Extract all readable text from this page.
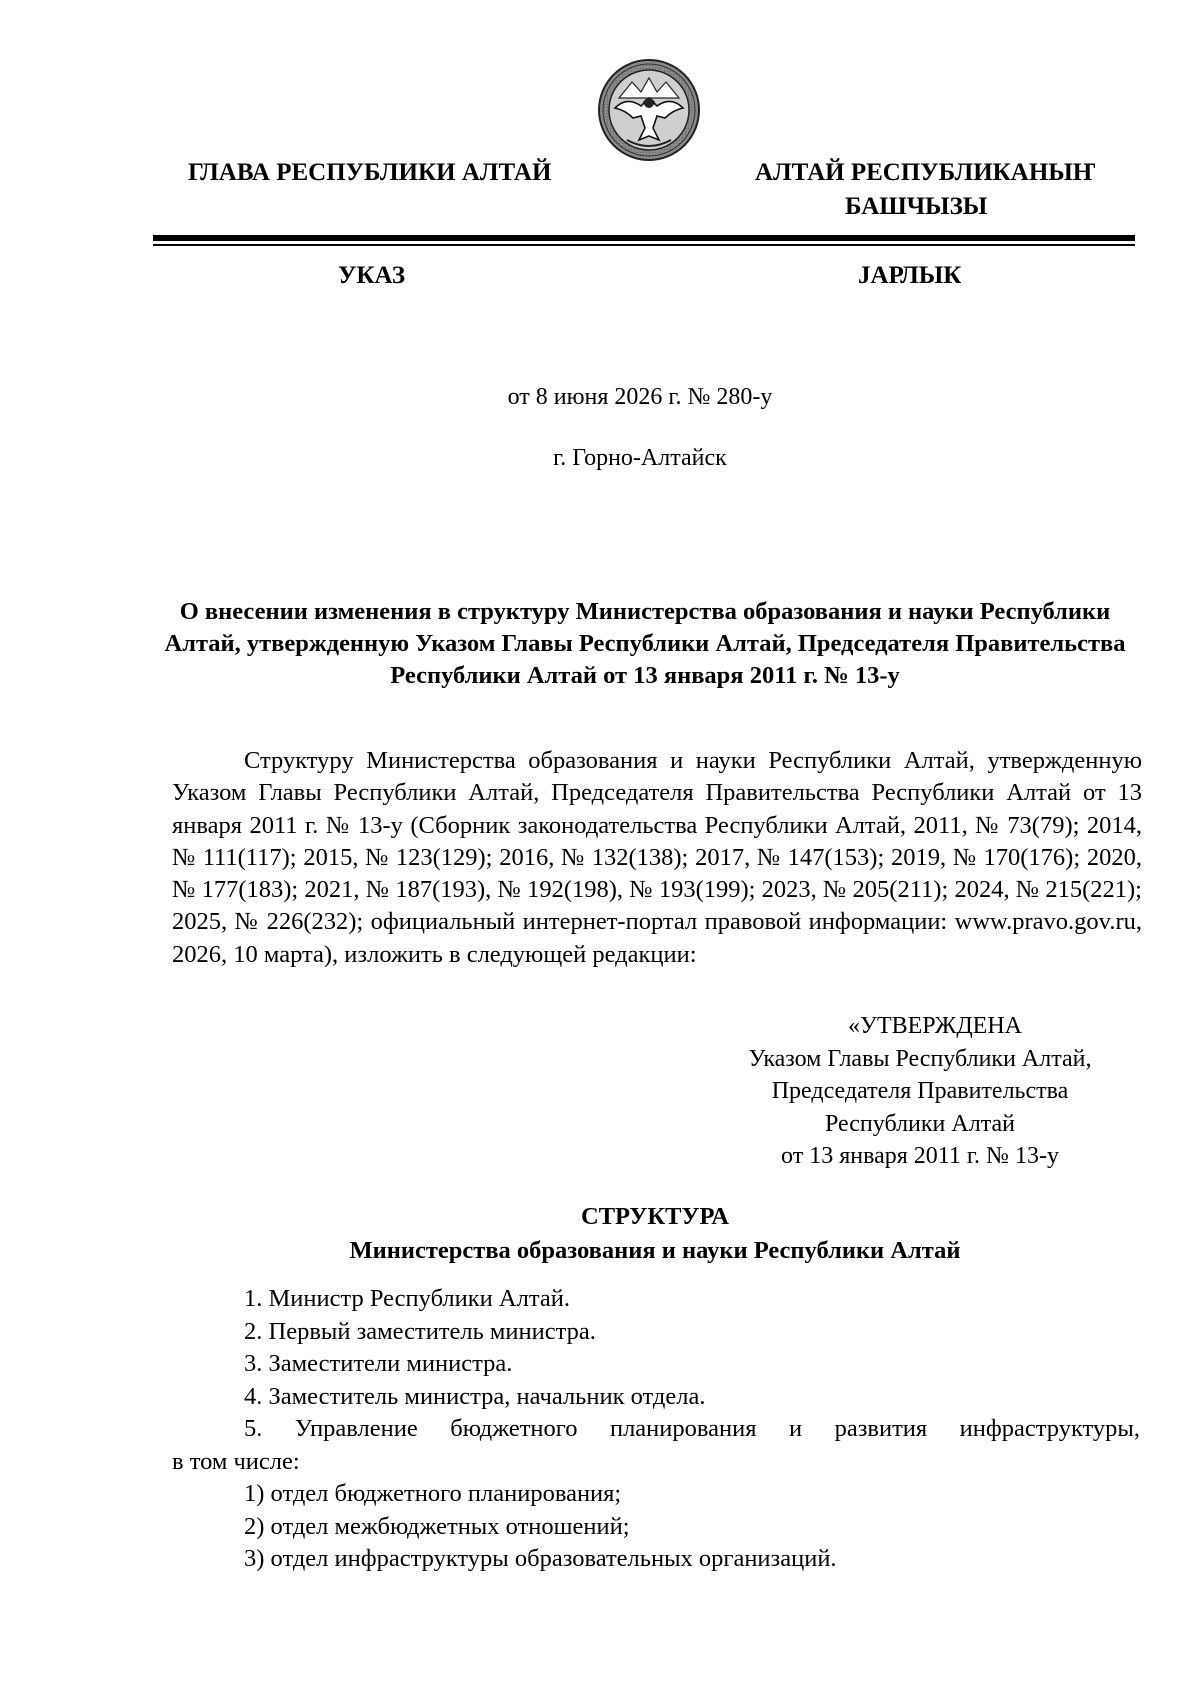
ГЛАВА РЕСПУБЛИКИ АЛТАЙ	АЛТАЙ РЕСПУБЛИКАНЫҤ
БАШЧЫЗЫ
УКАЗ	ЈАРЛЫК
от 8 июня 2026 г. № 280-у
г. Горно-Алтайск
О внесении изменения в структуру Министерства образования и науки Республики Алтай, утвержденную Указом Главы Республики Алтай, Председателя Правительства Республики Алтай от 13 января 2011 г. № 13-у
Структуру Министерства образования и науки Республики Алтай, утвержденную Указом Главы Республики Алтай, Председателя Правительства Республики Алтай от 13 января 2011 г. № 13-у (Сборник законодательства Республики Алтай, 2011, № 73(79); 2014, № 111(117); 2015, № 123(129); 2016, № 132(138); 2017, № 147(153); 2019, № 170(176); 2020, № 177(183); 2021, № 187(193), № 192(198), № 193(199); 2023, № 205(211); 2024, № 215(221); 2025, № 226(232); официальный интернет-портал правовой информации: www.pravo.gov.ru, 2026, 10 марта), изложить в следующей редакции:
«УТВЕРЖДЕНА
Указом Главы Республики Алтай,
Председателя Правительства
Республики Алтай
от 13 января 2011 г. № 13-у
СТРУКТУРА
Министерства образования и науки Республики Алтай
1. Министр Республики Алтай.
2. Первый заместитель министра.
3. Заместители министра.
4. Заместитель министра, начальник отдела.
5. Управление бюджетного планирования и развития инфраструктуры,
в том числе:
1) отдел бюджетного планирования;
2) отдел межбюджетных отношений;
3) отдел инфраструктуры образовательных организаций.
